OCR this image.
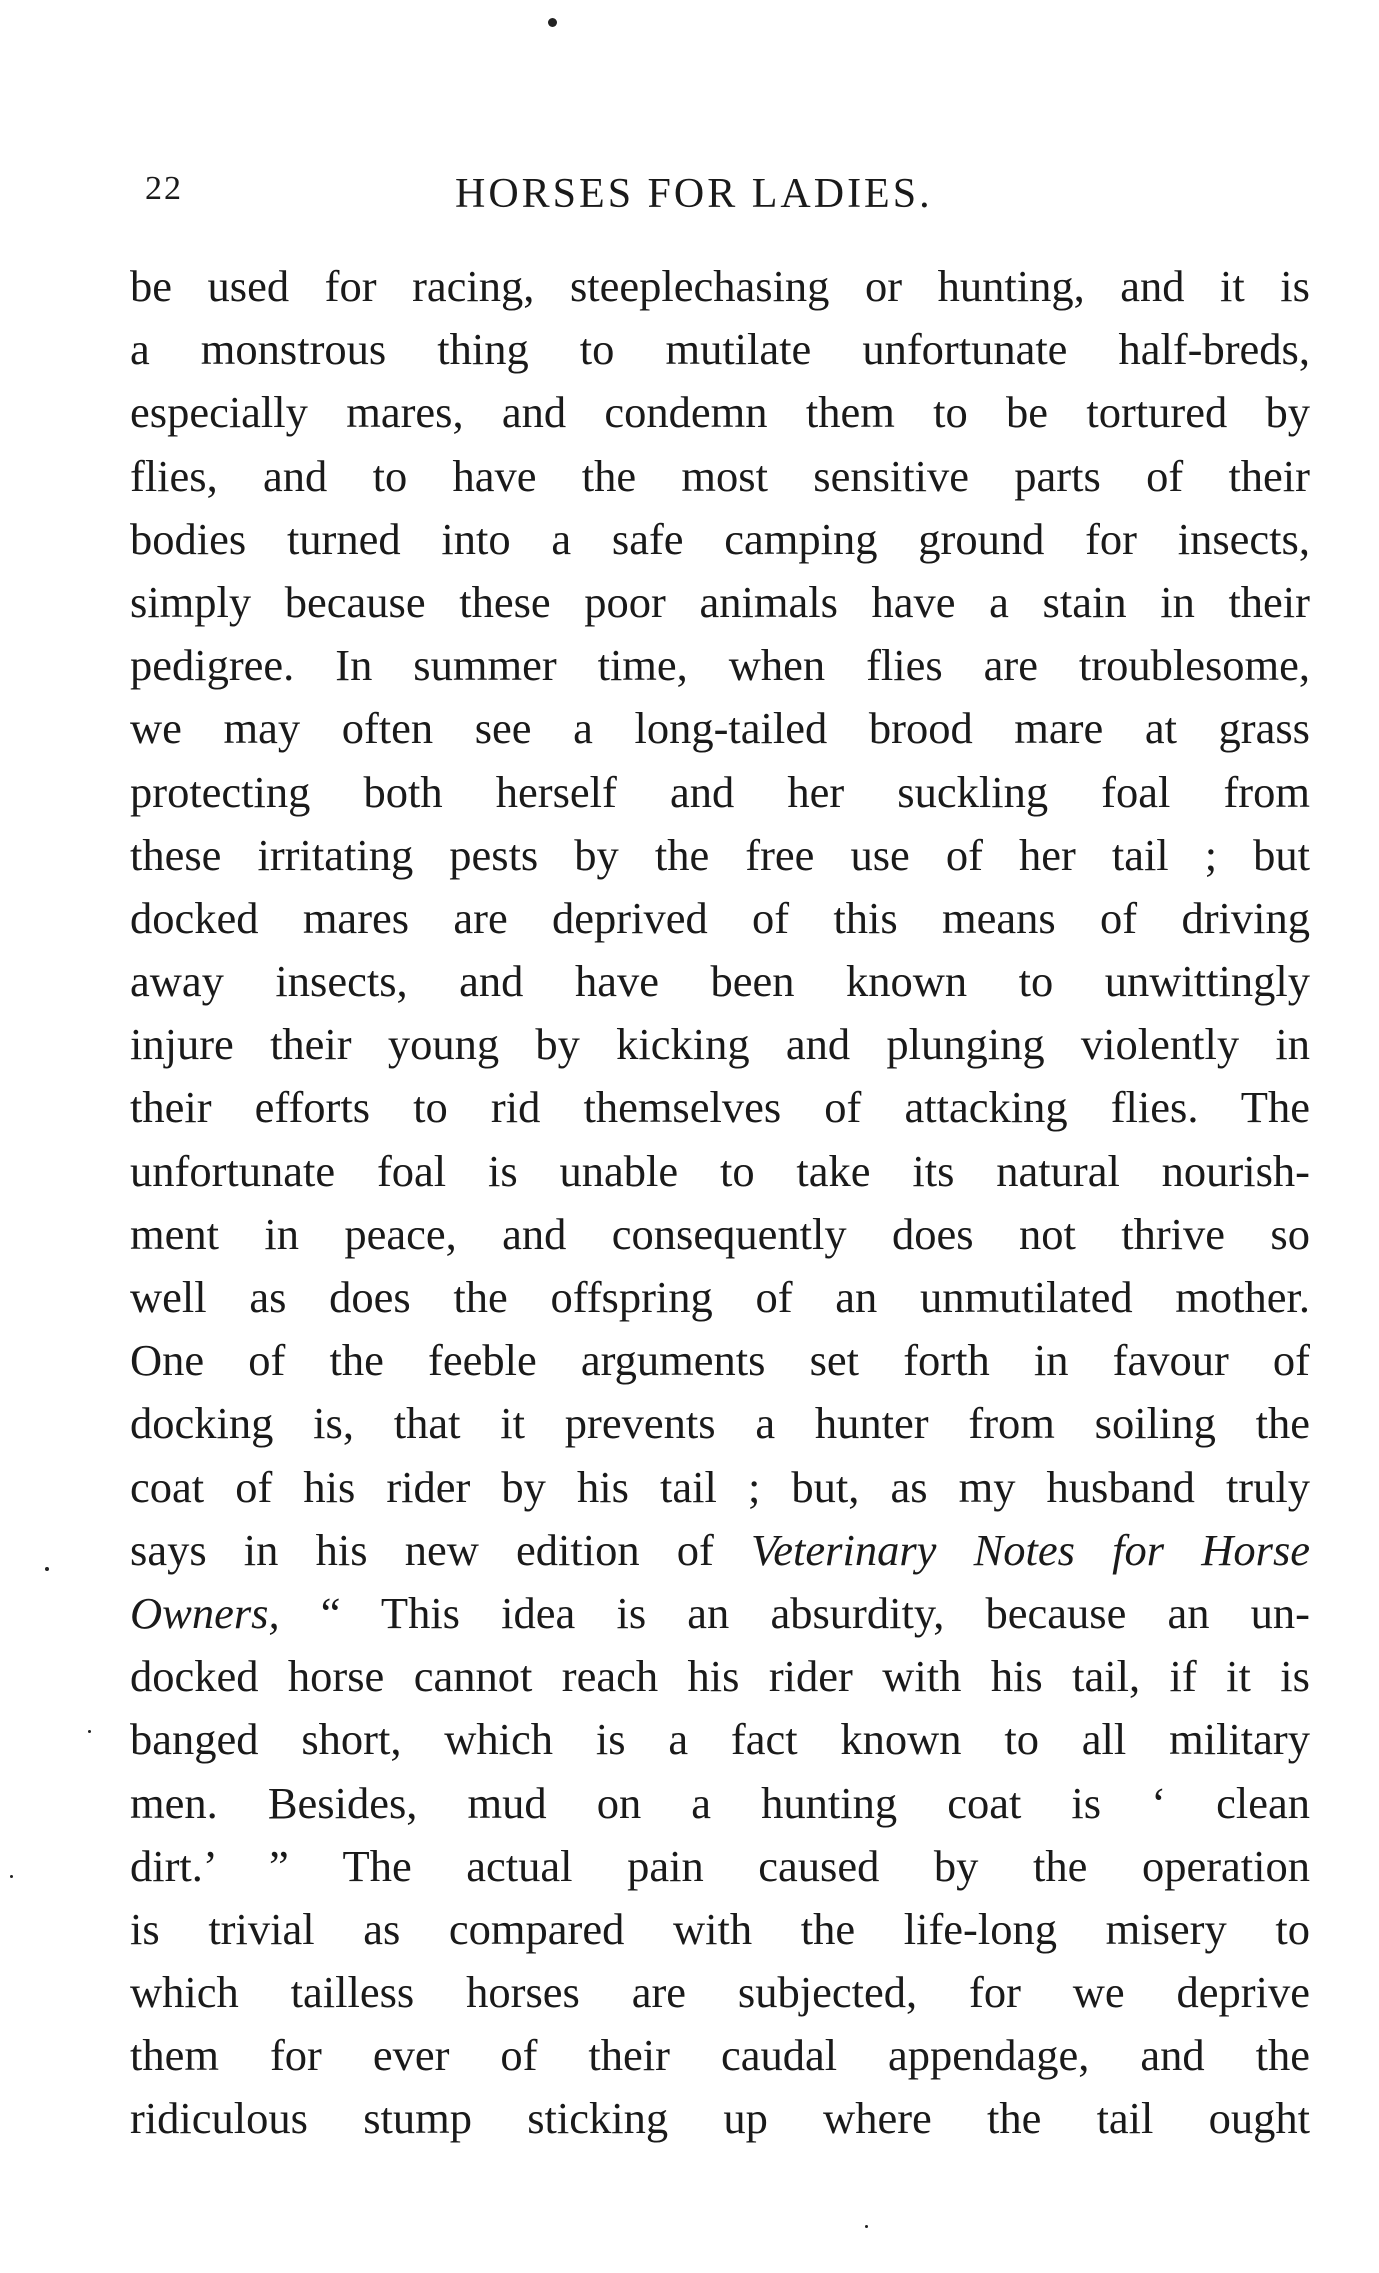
22	HORSES FOR LADIES.
be used for racing, steeplechasing or hunting, and it is
a monstrous thing to mutilate unfortunate half-breds,
especially mares, and condemn them to be tortured by
flies, and to have the most sensitive parts of their
bodies turned into a safe camping ground for insects,
simply because these poor animals have a stain in their
pedigree. In summer time, when flies are troublesome,
we may often see a long-tailed brood mare at grass
protecting both herself and her suckling foal from
these irritating pests by the free use of her tail ; but
docked mares are deprived of this means of driving
away insects, and have been known to unwittingly
injure their young by kicking and plunging violently in
their efforts to rid themselves of attacking flies. The
unfortunate foal is unable to take its natural nourish-
ment in peace, and consequently does not thrive so
well as does the offspring of an unmutilated mother.
One of the feeble arguments set forth in favour of
docking is, that it prevents a hunter from soiling the
coat of his rider by his tail ; but, as my husband truly
says in his new edition of Veterinary Notes for Horse
Owners, “ This idea is an absurdity, because an un-
docked horse cannot reach his rider with his tail, if it is
banged short, which is a fact known to all military
men. Besides, mud on a hunting coat is ‘ clean
dirt.’ ” The actual pain caused by the operation
is trivial as compared with the life-long misery to
which tailless horses are subjected, for we deprive
them for ever of their caudal appendage, and the
ridiculous stump sticking up where the tail ought
